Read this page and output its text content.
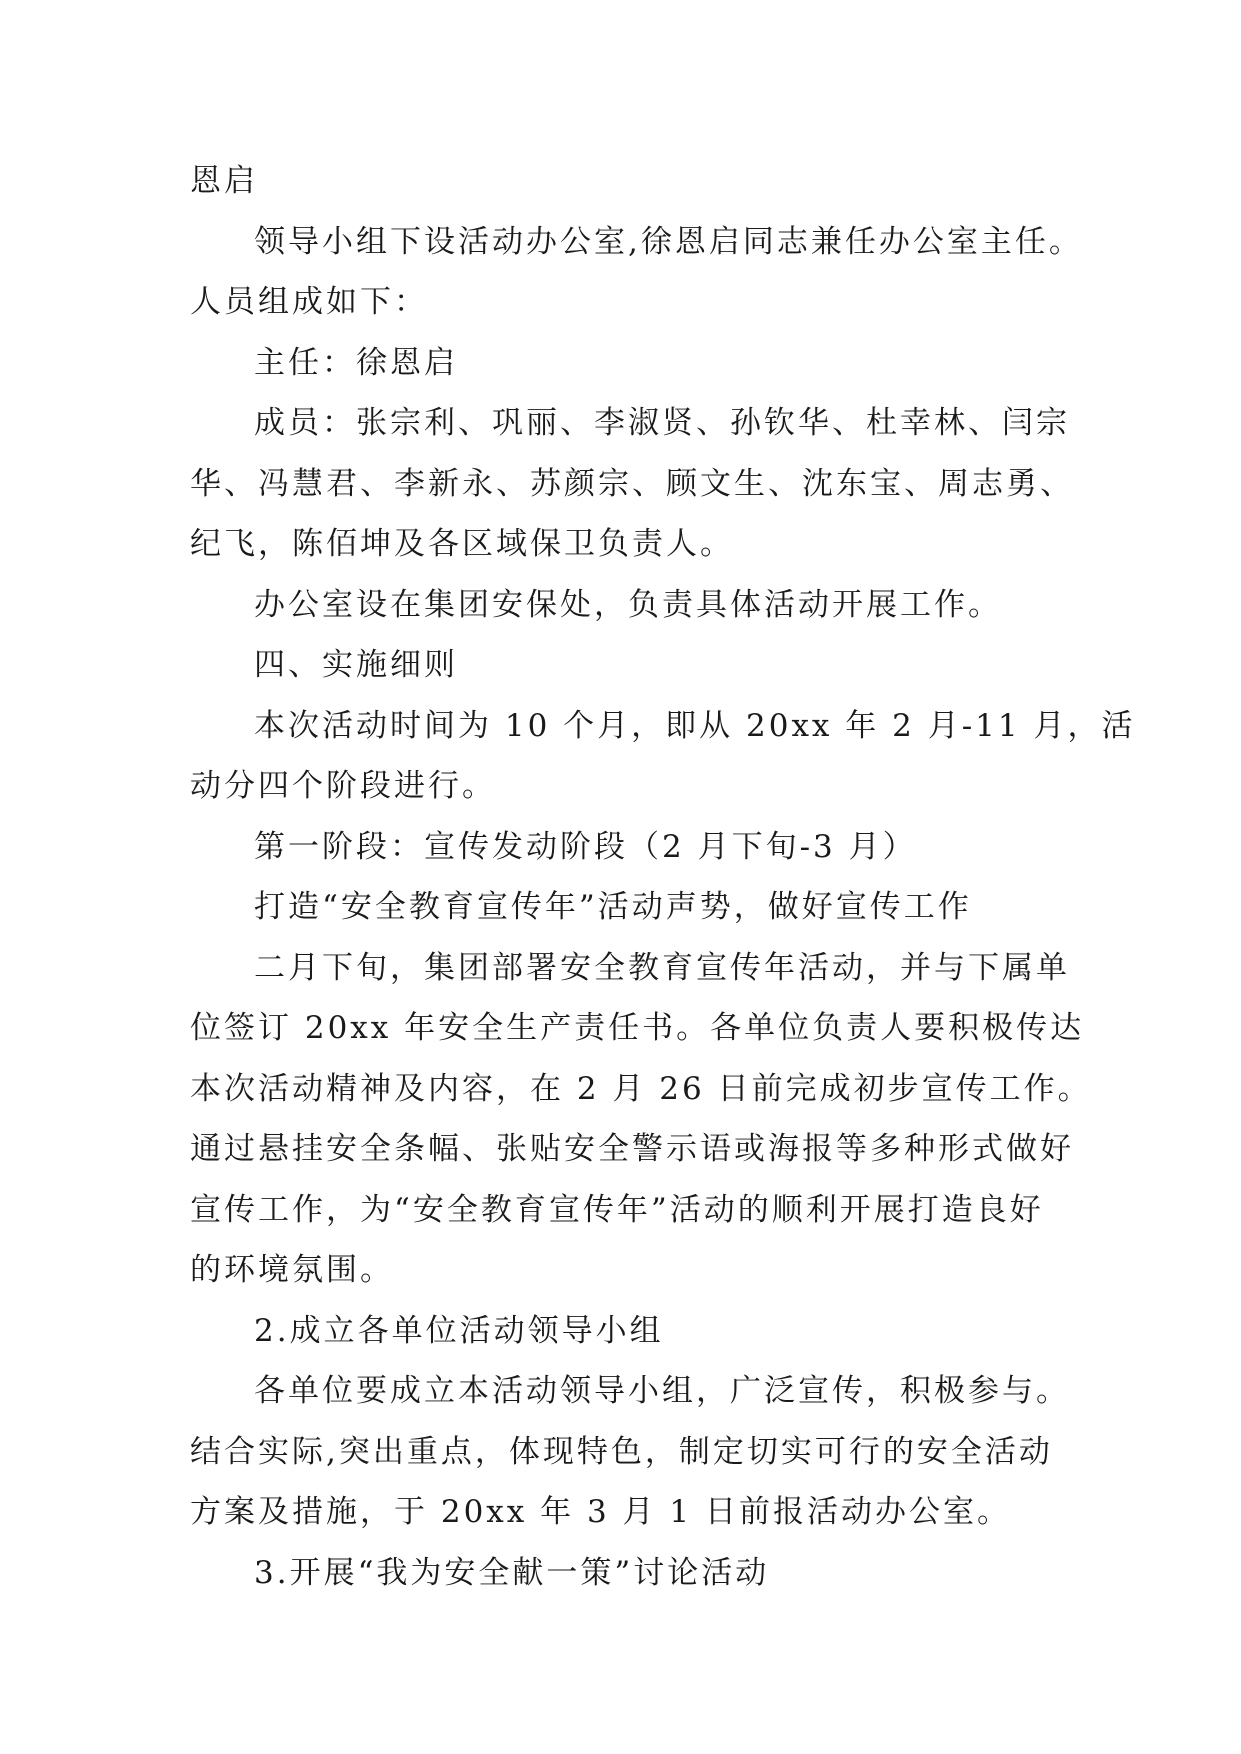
恩启
领导小组下设活动办公室,徐恩启同志兼任办公室主任。
人员组成如下：
主任：徐恩启
成员：张宗利、巩丽、李淑贤、孙钦华、杜幸林、闫宗
华、冯慧君、李新永、苏颜宗、顾文生、沈东宝、周志勇、
纪飞，陈佰坤及各区域保卫负责人。
办公室设在集团安保处，负责具体活动开展工作。
四、实施细则
本次活动时间为 10 个月，即从 20xx 年 2 月-11 月，活
动分四个阶段进行。
第一阶段：宣传发动阶段（2 月下旬-3 月）
打造“安全教育宣传年”活动声势，做好宣传工作
二月下旬，集团部署安全教育宣传年活动，并与下属单
位签订 20xx 年安全生产责任书。各单位负责人要积极传达
本次活动精神及内容，在 2 月 26 日前完成初步宣传工作。
通过悬挂安全条幅、张贴安全警示语或海报等多种形式做好
宣传工作，为“安全教育宣传年”活动的顺利开展打造良好
的环境氛围。
2.成立各单位活动领导小组
各单位要成立本活动领导小组，广泛宣传，积极参与。
结合实际,突出重点，体现特色，制定切实可行的安全活动
方案及措施，于 20xx 年 3 月 1 日前报活动办公室。
3.开展“我为安全献一策”讨论活动
